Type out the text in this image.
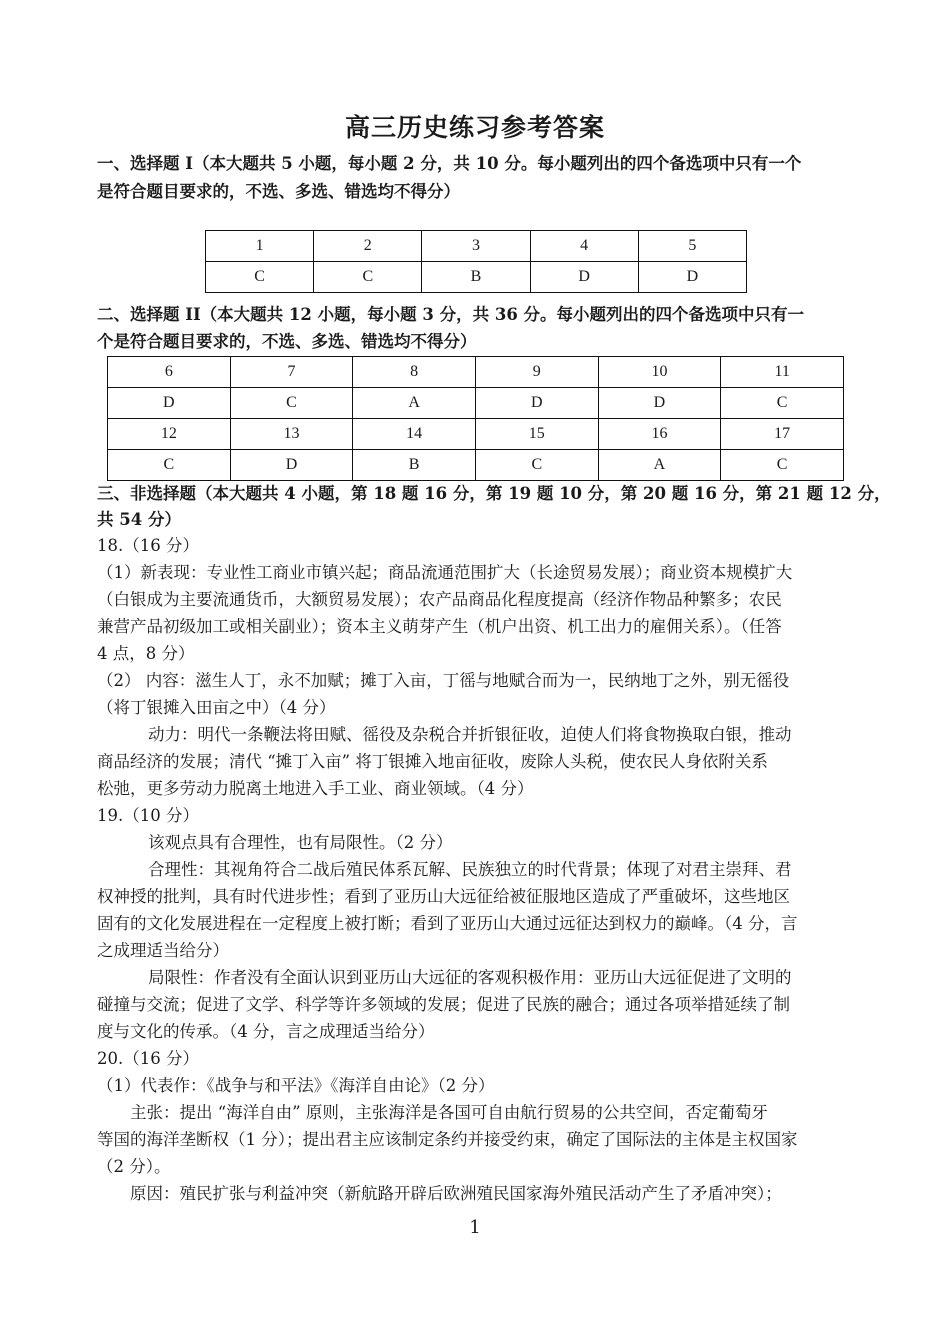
高三历史练习参考答案
一、选择题 I（本大题共 5 小题，每小题 2 分，共 10 分。每小题列出的四个备选项中只有一个
是符合题目要求的，不选、多选、错选均不得分）
1	2	3	4	5
C	C	B	D	D
二、选择题 II（本大题共 12 小题，每小题 3 分，共 36 分。每小题列出的四个备选项中只有一
个是符合题目要求的，不选、多选、错选均不得分）
6	7	8	9	10	11
D	C	A	D	D	C
12	13	14	15	16	17
C	D	B	C	A	C
三、非选择题（本大题共 4 小题，第 18 题 16 分，第 19 题 10 分，第 20 题 16 分，第 21 题 12 分，
共 54 分）
18.（16 分）
（1）新表现：专业性工商业市镇兴起；商品流通范围扩大（长途贸易发展）；商业资本规模扩大
（白银成为主要流通货币，大额贸易发展）；农产品商品化程度提高（经济作物品种繁多；农民
兼营产品初级加工或相关副业）；资本主义萌芽产生（机户出资、机工出力的雇佣关系）。（任答
4 点，8 分）
（2） 内容：滋生人丁，永不加赋；摊丁入亩，丁徭与地赋合而为一，民纳地丁之外，别无徭役
（将丁银摊入田亩之中）（4 分）
动力：明代一条鞭法将田赋、徭役及杂税合并折银征收，迫使人们将食物换取白银，推动
商品经济的发展；清代 “摊丁入亩” 将丁银摊入地亩征收，废除人头税，使农民人身依附关系
松弛，更多劳动力脱离土地进入手工业、商业领域。（4 分）
19.（10 分）
该观点具有合理性，也有局限性。（2 分）
合理性：其视角符合二战后殖民体系瓦解、民族独立的时代背景；体现了对君主崇拜、君
权神授的批判，具有时代进步性；看到了亚历山大远征给被征服地区造成了严重破坏，这些地区
固有的文化发展进程在一定程度上被打断；看到了亚历山大通过远征达到权力的巅峰。（4 分，言
之成理适当给分）
局限性：作者没有全面认识到亚历山大远征的客观积极作用：亚历山大远征促进了文明的
碰撞与交流；促进了文学、科学等许多领域的发展；促进了民族的融合；通过各项举措延续了制
度与文化的传承。（4 分，言之成理适当给分）
20.（16 分）
（1）代表作：《战争与和平法》《海洋自由论》（2 分）
主张：提出 “海洋自由” 原则，主张海洋是各国可自由航行贸易的公共空间，否定葡萄牙
等国的海洋垄断权（1 分）；提出君主应该制定条约并接受约束，确定了国际法的主体是主权国家
（2 分）。
原因：殖民扩张与利益冲突（新航路开辟后欧洲殖民国家海外殖民活动产生了矛盾冲突）；
1
